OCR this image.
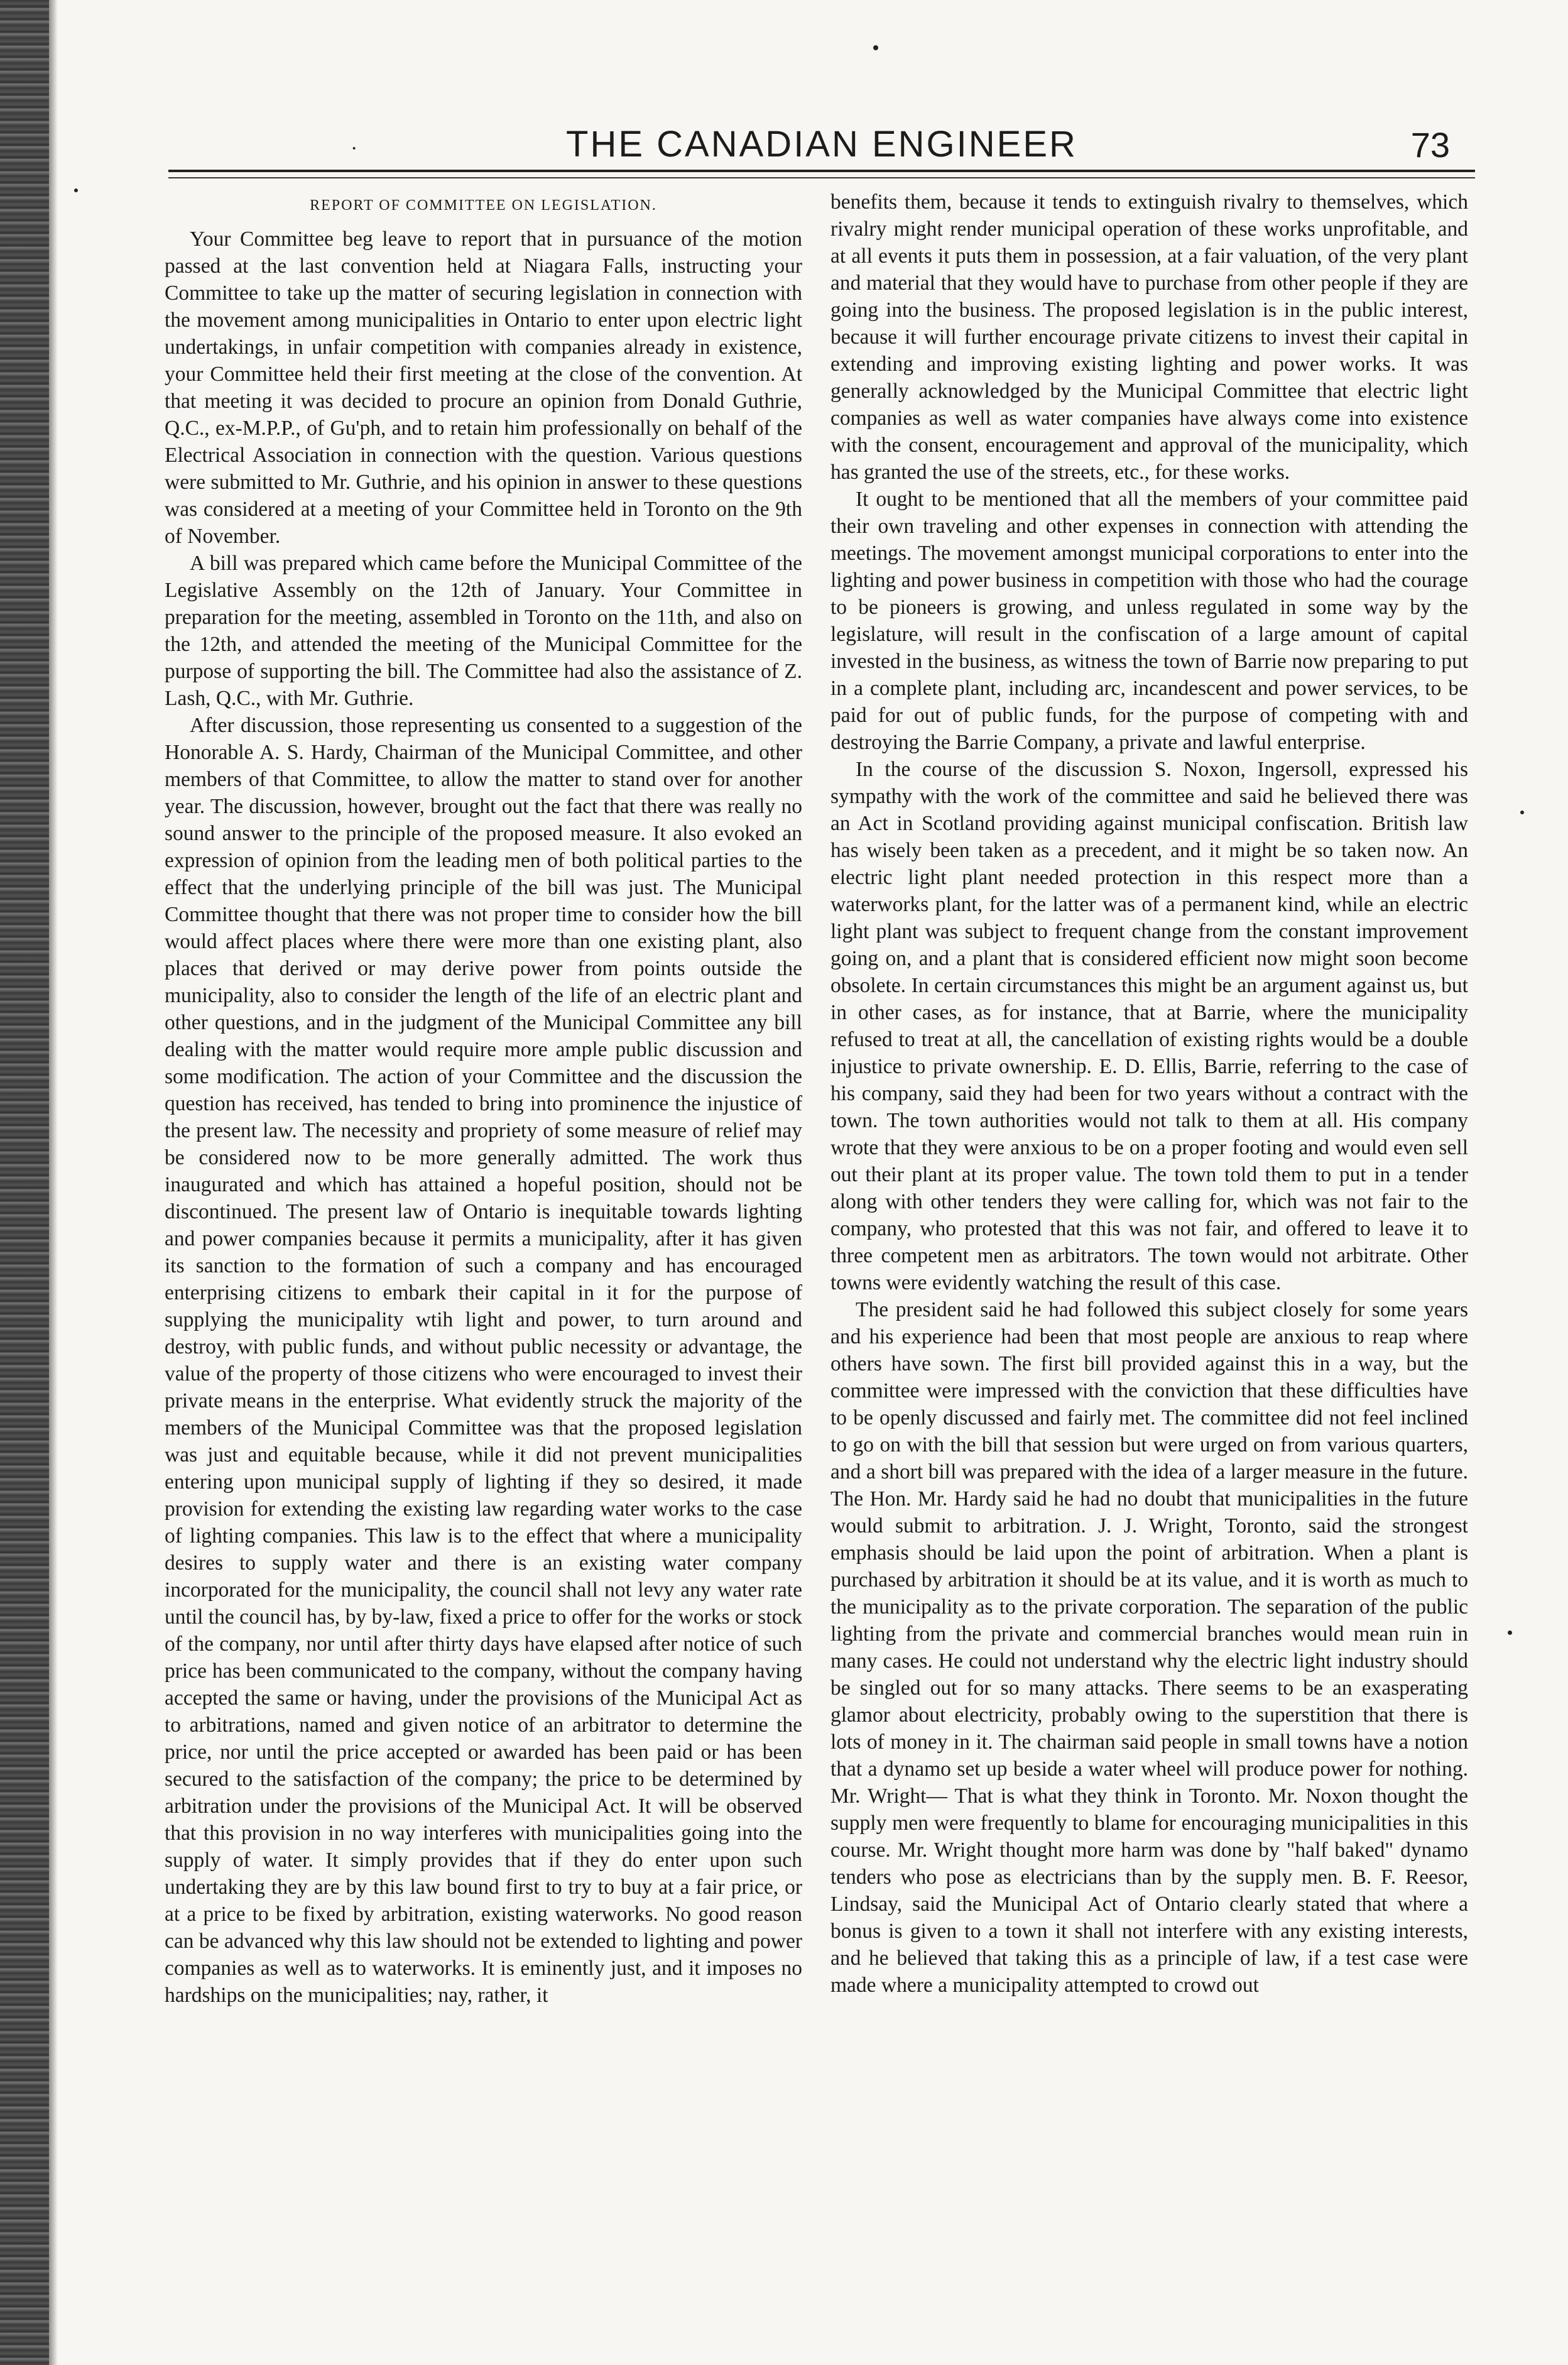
·	THE CANADIAN ENGINEER	73
REPORT OF COMMITTEE ON LEGISLATION.

Your Committee beg leave to report that in pursuance of the motion passed at the last convention held at Niagara Falls, instructing your Committee to take up the matter of securing legislation in connection with the movement among municipalities in Ontario to enter upon electric light undertakings, in unfair competition with companies already in existence, your Committee held their first meeting at the close of the convention. At that meeting it was decided to procure an opinion from Donald Guthrie, Q.C., ex-M.P.P., of Gu'ph, and to retain him professionally on behalf of the Electrical Association in connection with the question. Various questions were submitted to Mr. Guthrie, and his opinion in answer to these questions was considered at a meeting of your Committee held in Toronto on the 9th of November.

A bill was prepared which came before the Municipal Committee of the Legislative Assembly on the 12th of January. Your Committee in preparation for the meeting, assembled in Toronto on the 11th, and also on the 12th, and attended the meeting of the Municipal Committee for the purpose of supporting the bill. The Committee had also the assistance of Z. Lash, Q.C., with Mr. Guthrie.

After discussion, those representing us consented to a suggestion of the Honorable A. S. Hardy, Chairman of the Municipal Committee, and other members of that Committee, to allow the matter to stand over for another year. The discussion, however, brought out the fact that there was really no sound answer to the principle of the proposed measure. It also evoked an expression of opinion from the leading men of both political parties to the effect that the underlying principle of the bill was just. The Municipal Committee thought that there was not proper time to consider how the bill would affect places where there were more than one existing plant, also places that derived or may derive power from points outside the municipality, also to consider the length of the life of an electric plant and other questions, and in the judgment of the Municipal Committee any bill dealing with the matter would require more ample public discussion and some modification. The action of your Committee and the discussion the question has received, has tended to bring into prominence the injustice of the present law. The necessity and propriety of some measure of relief may be considered now to be more generally admitted. The work thus inaugurated and which has attained a hopeful position, should not be discontinued. The present law of Ontario is inequitable towards lighting and power companies because it permits a municipality, after it has given its sanction to the formation of such a company and has encouraged enterprising citizens to embark their capital in it for the purpose of supplying the municipality wtih light and power, to turn around and destroy, with public funds, and without public necessity or advantage, the value of the property of those citizens who were encouraged to invest their private means in the enterprise. What evidently struck the majority of the members of the Municipal Committee was that the proposed legislation was just and equitable because, while it did not prevent municipalities entering upon municipal supply of lighting if they so desired, it made provision for extending the existing law regarding water works to the case of lighting companies. This law is to the effect that where a municipality desires to supply water and there is an existing water company incorporated for the municipality, the council shall not levy any water rate until the council has, by by-law, fixed a price to offer for the works or stock of the company, nor until after thirty days have elapsed after notice of such price has been communicated to the company, without the company having accepted the same or having, under the provisions of the Municipal Act as to arbitrations, named and given notice of an arbitrator to determine the price, nor until the price accepted or awarded has been paid or has been secured to the satisfaction of the company; the price to be determined by arbitration under the provisions of the Municipal Act. It will be observed that this provision in no way interferes with municipalities going into the supply of water. It simply provides that if they do enter upon such undertaking they are by this law bound first to try to buy at a fair price, or at a price to be fixed by arbitration, existing waterworks. No good reason can be advanced why this law should not be extended to lighting and power companies as well as to waterworks. It is eminently just, and it imposes no hardships on the municipalities; nay, rather, it

benefits them, because it tends to extinguish rivalry to themselves, which rivalry might render municipal operation of these works unprofitable, and at all events it puts them in possession, at a fair valuation, of the very plant and material that they would have to purchase from other people if they are going into the business. The proposed legislation is in the public interest, because it will further encourage private citizens to invest their capital in extending and improving existing lighting and power works. It was generally acknowledged by the Municipal Committee that electric light companies as well as water companies have always come into existence with the consent, encouragement and approval of the municipality, which has granted the use of the streets, etc., for these works.

It ought to be mentioned that all the members of your committee paid their own traveling and other expenses in connection with attending the meetings. The movement amongst municipal corporations to enter into the lighting and power business in competition with those who had the courage to be pioneers is growing, and unless regulated in some way by the legislature, will result in the confiscation of a large amount of capital invested in the business, as witness the town of Barrie now preparing to put in a complete plant, including arc, incandescent and power services, to be paid for out of public funds, for the purpose of competing with and destroying the Barrie Company, a private and lawful enterprise.

In the course of the discussion S. Noxon, Ingersoll, expressed his sympathy with the work of the committee and said he believed there was an Act in Scotland providing against municipal confiscation. British law has wisely been taken as a precedent, and it might be so taken now. An electric light plant needed protection in this respect more than a waterworks plant, for the latter was of a permanent kind, while an electric light plant was subject to frequent change from the constant improvement going on, and a plant that is considered efficient now might soon become obsolete. In certain circumstances this might be an argument against us, but in other cases, as for instance, that at Barrie, where the municipality refused to treat at all, the cancellation of existing rights would be a double injustice to private ownership. E. D. Ellis, Barrie, referring to the case of his company, said they had been for two years without a contract with the town. The town authorities would not talk to them at all. His company wrote that they were anxious to be on a proper footing and would even sell out their plant at its proper value. The town told them to put in a tender along with other tenders they were calling for, which was not fair to the company, who protested that this was not fair, and offered to leave it to three competent men as arbitrators. The town would not arbitrate. Other towns were evidently watching the result of this case.

The president said he had followed this subject closely for some years and his experience had been that most people are anxious to reap where others have sown. The first bill provided against this in a way, but the committee were impressed with the conviction that these difficulties have to be openly discussed and fairly met. The committee did not feel inclined to go on with the bill that session but were urged on from various quarters, and a short bill was prepared with the idea of a larger measure in the future. The Hon. Mr. Hardy said he had no doubt that municipalities in the future would submit to arbitration. J. J. Wright, Toronto, said the strongest emphasis should be laid upon the point of arbitration. When a plant is purchased by arbitration it should be at its value, and it is worth as much to the municipality as to the private corporation. The separation of the public lighting from the private and commercial branches would mean ruin in many cases. He could not understand why the electric light industry should be singled out for so many attacks. There seems to be an exasperating glamor about electricity, probably owing to the superstition that there is lots of money in it. The chairman said people in small towns have a notion that a dynamo set up beside a water wheel will produce power for nothing. Mr. Wright— That is what they think in Toronto. Mr. Noxon thought the supply men were frequently to blame for encouraging municipalities in this course. Mr. Wright thought more harm was done by "half baked" dynamo tenders who pose as electricians than by the supply men. B. F. Reesor, Lindsay, said the Municipal Act of Ontario clearly stated that where a bonus is given to a town it shall not interfere with any existing interests, and he believed that taking this as a principle of law, if a test case were made where a municipality attempted to crowd out
